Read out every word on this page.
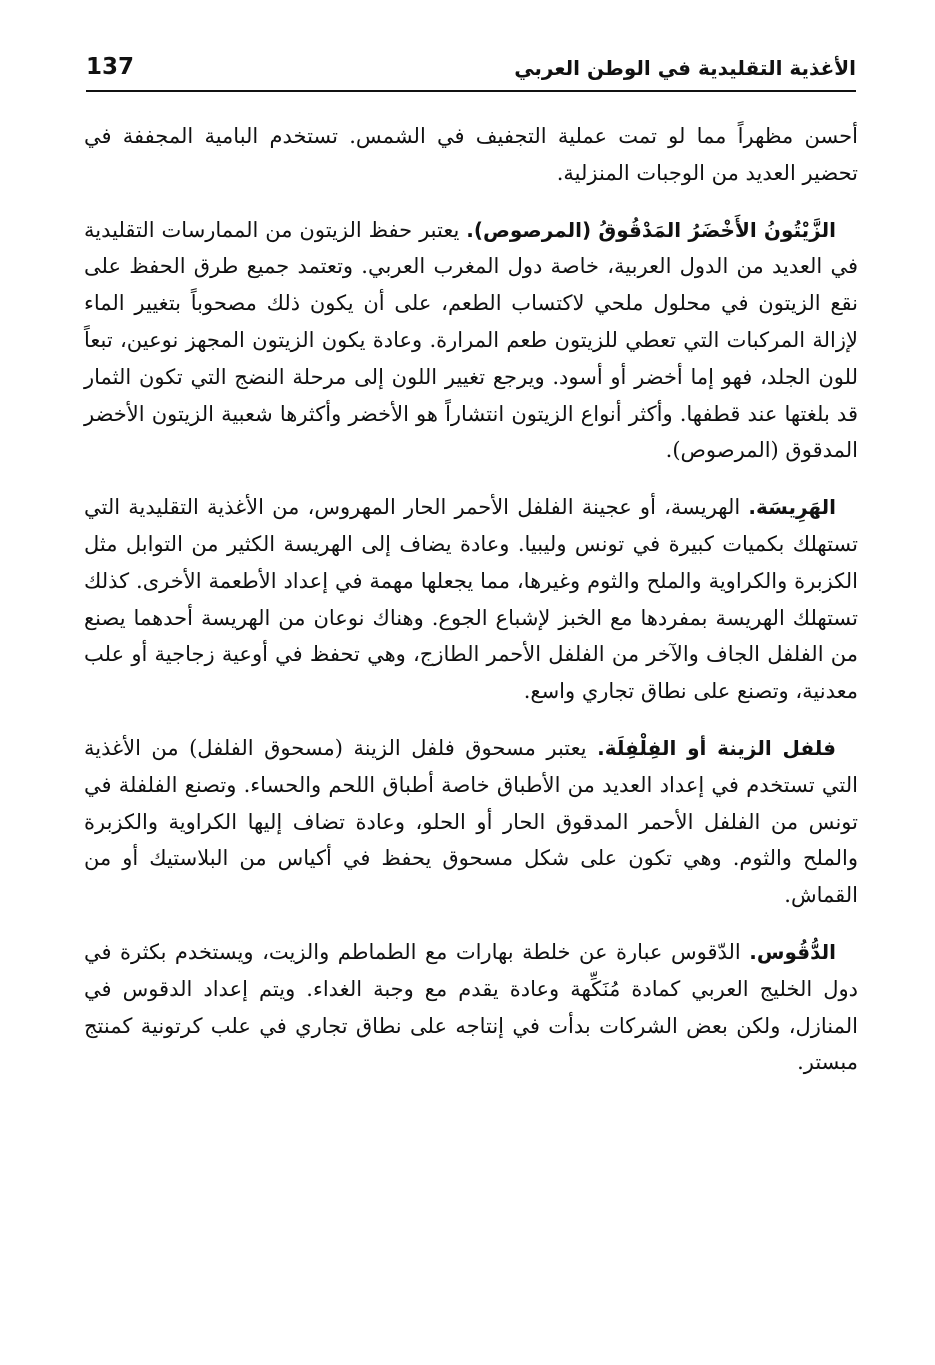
الأغذية التقليدية في الوطن العربي
137

أحسن مظهراً مما لو تمت عملية التجفيف في الشمس. تستخدم البامية المجففة في تحضير العديد من الوجبات المنزلية.

الزَّيْتُونُ الأَخْضَرُ المَدْقُوقُ (المرصوص). يعتبر حفظ الزيتون من الممارسات التقليدية في العديد من الدول العربية، خاصة دول المغرب العربي. وتعتمد جميع طرق الحفظ على نقع الزيتون في محلول ملحي لاكتساب الطعم، على أن يكون ذلك مصحوباً بتغيير الماء لإزالة المركبات التي تعطي للزيتون طعم المرارة. وعادة يكون الزيتون المجهز نوعين، تبعاً للون الجلد، فهو إما أخضر أو أسود. ويرجع تغيير اللون إلى مرحلة النضج التي تكون الثمار قد بلغتها عند قطفها. وأكثر أنواع الزيتون انتشاراً هو الأخضر وأكثرها شعبية الزيتون الأخضر المدقوق (المرصوص).

الهَرِيسَة. الهريسة، أو عجينة الفلفل الأحمر الحار المهروس، من الأغذية التقليدية التي تستهلك بكميات كبيرة في تونس وليبيا. وعادة يضاف إلى الهريسة الكثير من التوابل مثل الكزبرة والكراوية والملح والثوم وغيرها، مما يجعلها مهمة في إعداد الأطعمة الأخرى. كذلك تستهلك الهريسة بمفردها مع الخبز لإشباع الجوع. وهناك نوعان من الهريسة أحدهما يصنع من الفلفل الجاف والآخر من الفلفل الأحمر الطازج، وهي تحفظ في أوعية زجاجية أو علب معدنية، وتصنع على نطاق تجاري واسع.

فلفل الزينة أو الفِلْفِلَة. يعتبر مسحوق فلفل الزينة (مسحوق الفلفل) من الأغذية التي تستخدم في إعداد العديد من الأطباق خاصة أطباق اللحم والحساء. وتصنع الفلفلة في تونس من الفلفل الأحمر المدقوق الحار أو الحلو، وعادة تضاف إليها الكراوية والكزبرة والملح والثوم. وهي تكون على شكل مسحوق يحفظ في أكياس من البلاستيك أو من القماش.

الدُّقُوس. الدّقوس عبارة عن خلطة بهارات مع الطماطم والزيت، ويستخدم بكثرة في دول الخليج العربي كمادة مُنَكِّهة وعادة يقدم مع وجبة الغداء. ويتم إعداد الدقوس في المنازل، ولكن بعض الشركات بدأت في إنتاجه على نطاق تجاري في علب كرتونية كمنتج مبستر.
